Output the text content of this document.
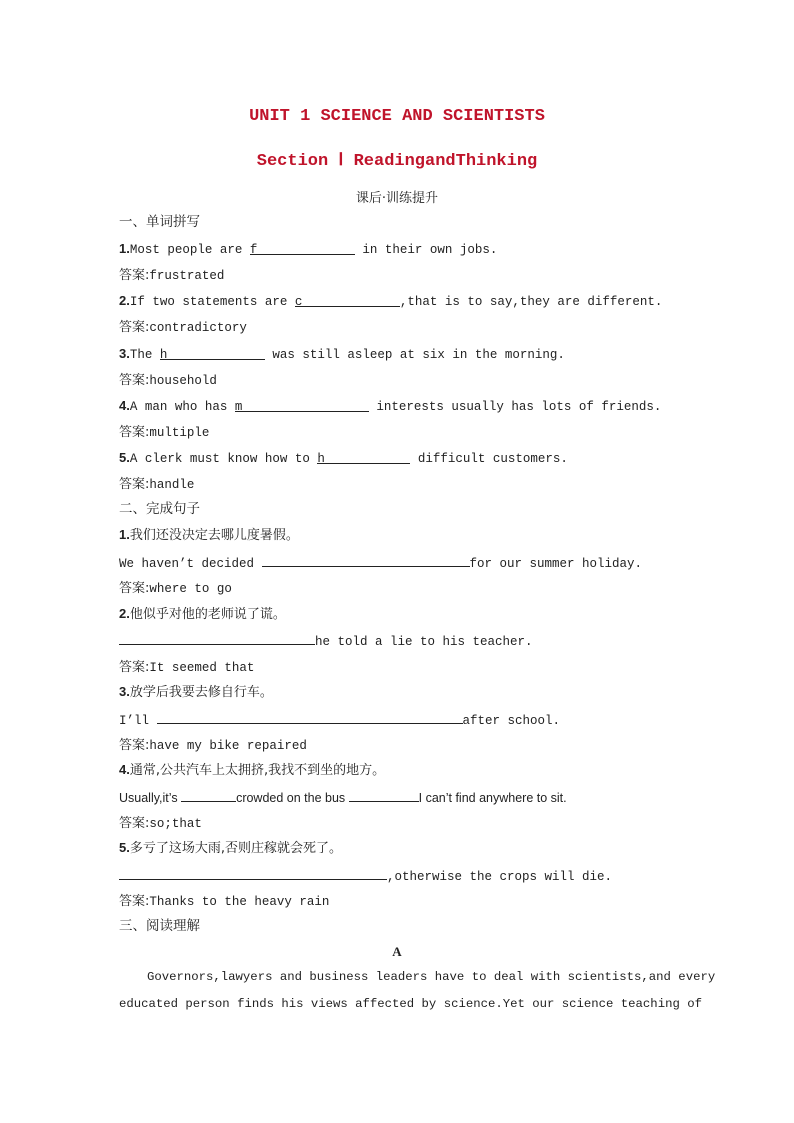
UNIT 1 SCIENCE AND SCIENTISTS
Section Ⅰ ReadingandThinking
课后·训练提升
一、单词拼写
1.Most people are f	in their own jobs.
答案:frustrated
2.If two statements are c	,that is to say,they are different.
答案:contradictory
3.The h	was still asleep at six in the morning.
答案:household
4.A man who has m	interests usually has lots of friends.
答案:multiple
5.A clerk must know how to h	difficult customers.
答案:handle
二、完成句子
1.我们还没决定去哪儿度暑假。
We haven’t decided	for our summer holiday.
答案:where to go
2.他似乎对他的老师说了谎。
he told a lie to his teacher.
答案:It seemed that
3.放学后我要去修自行车。
I’ll	after school.
答案:have my bike repaired
4.通常,公共汽车上太拥挤,我找不到坐的地方。
Usually,it’s	crowded on the bus	I can’t find anywhere to sit.
答案:so;that
5.多亏了这场大雨,否则庄稼就会死了。
,otherwise the crops will die.
答案:Thanks to the heavy rain
三、阅读理解
A
Governors,lawyers and business leaders have to deal with scientists,and every
educated person finds his views affected by science.Yet our science teaching of
